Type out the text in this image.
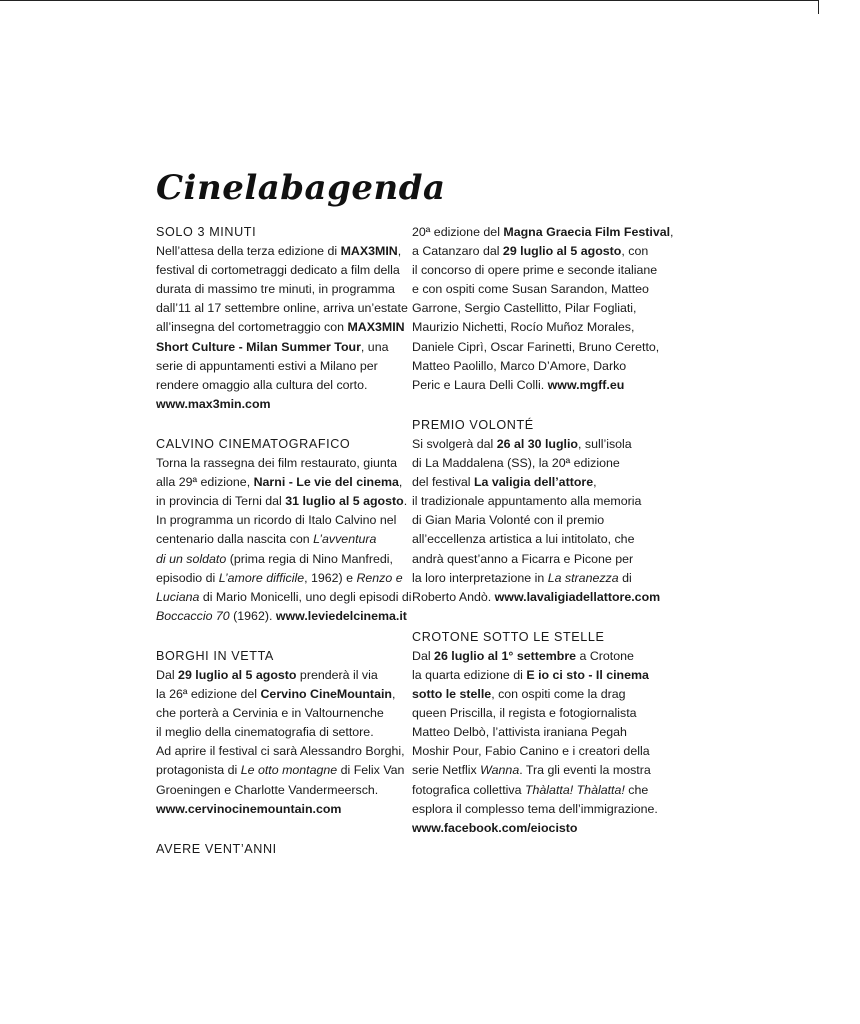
Cinelabagenda
SOLO 3 MINUTI
Nell’attesa della terza edizione di MAX3MIN,
festival di cortometraggi dedicato a film della
durata di massimo tre minuti, in programma
dall’11 al 17 settembre online, arriva un’estate
all’insegna del cortometraggio con MAX3MIN
Short Culture - Milan Summer Tour, una
serie di appuntamenti estivi a Milano per
rendere omaggio alla cultura del corto.
www.max3min.com
CALVINO CINEMATOGRAFICO
Torna la rassegna dei film restaurato, giunta
alla 29ª edizione, Narni - Le vie del cinema,
in provincia di Terni dal 31 luglio al 5 agosto.
In programma un ricordo di Italo Calvino nel
centenario dalla nascita con L’avventura
di un soldato (prima regia di Nino Manfredi,
episodio di L’amore difficile, 1962) e Renzo e
Luciana di Mario Monicelli, uno degli episodi di
Boccaccio 70 (1962). www.leviedelcinema.it
BORGHI IN VETTA
Dal 29 luglio al 5 agosto prenderà il via
la 26ª edizione del Cervino CineMountain,
che porterà a Cervinia e in Valtournenche
il meglio della cinematografia di settore.
Ad aprire il festival ci sarà Alessandro Borghi,
protagonista di Le otto montagne di Felix Van
Groeningen e Charlotte Vandermeersch.
www.cervinocinemountain.com
AVERE VENT’ANNI
20ª edizione del Magna Graecia Film Festival,
a Catanzaro dal 29 luglio al 5 agosto, con
il concorso di opere prime e seconde italiane
e con ospiti come Susan Sarandon, Matteo
Garrone, Sergio Castellitto, Pilar Fogliati,
Maurizio Nichetti, Rocío Muñoz Morales,
Daniele Ciprì, Oscar Farinetti, Bruno Ceretto,
Matteo Paolillo, Marco D’Amore, Darko
Peric e Laura Delli Colli. www.mgff.eu
PREMIO VOLONTÉ
Si svolgerà dal 26 al 30 luglio, sull’isola
di La Maddalena (SS), la 20ª edizione
del festival La valigia dell’attore,
il tradizionale appuntamento alla memoria
di Gian Maria Volonté con il premio
all’eccellenza artistica a lui intitolato, che
andrà quest’anno a Ficarra e Picone per
la loro interpretazione in La stranezza di
Roberto Andò. www.lavaligiadellattore.com
CROTONE SOTTO LE STELLE
Dal 26 luglio al 1° settembre a Crotone
la quarta edizione di E io ci sto - Il cinema
sotto le stelle, con ospiti come la drag
queen Priscilla, il regista e fotogiornalista
Matteo Delbò, l’attivista iraniana Pegah
Moshir Pour, Fabio Canino e i creatori della
serie Netflix Wanna. Tra gli eventi la mostra
fotografica collettiva Thàlatta! Thàlatta! che
esplora il complesso tema dell’immigrazione.
www.facebook.com/eiocisto
